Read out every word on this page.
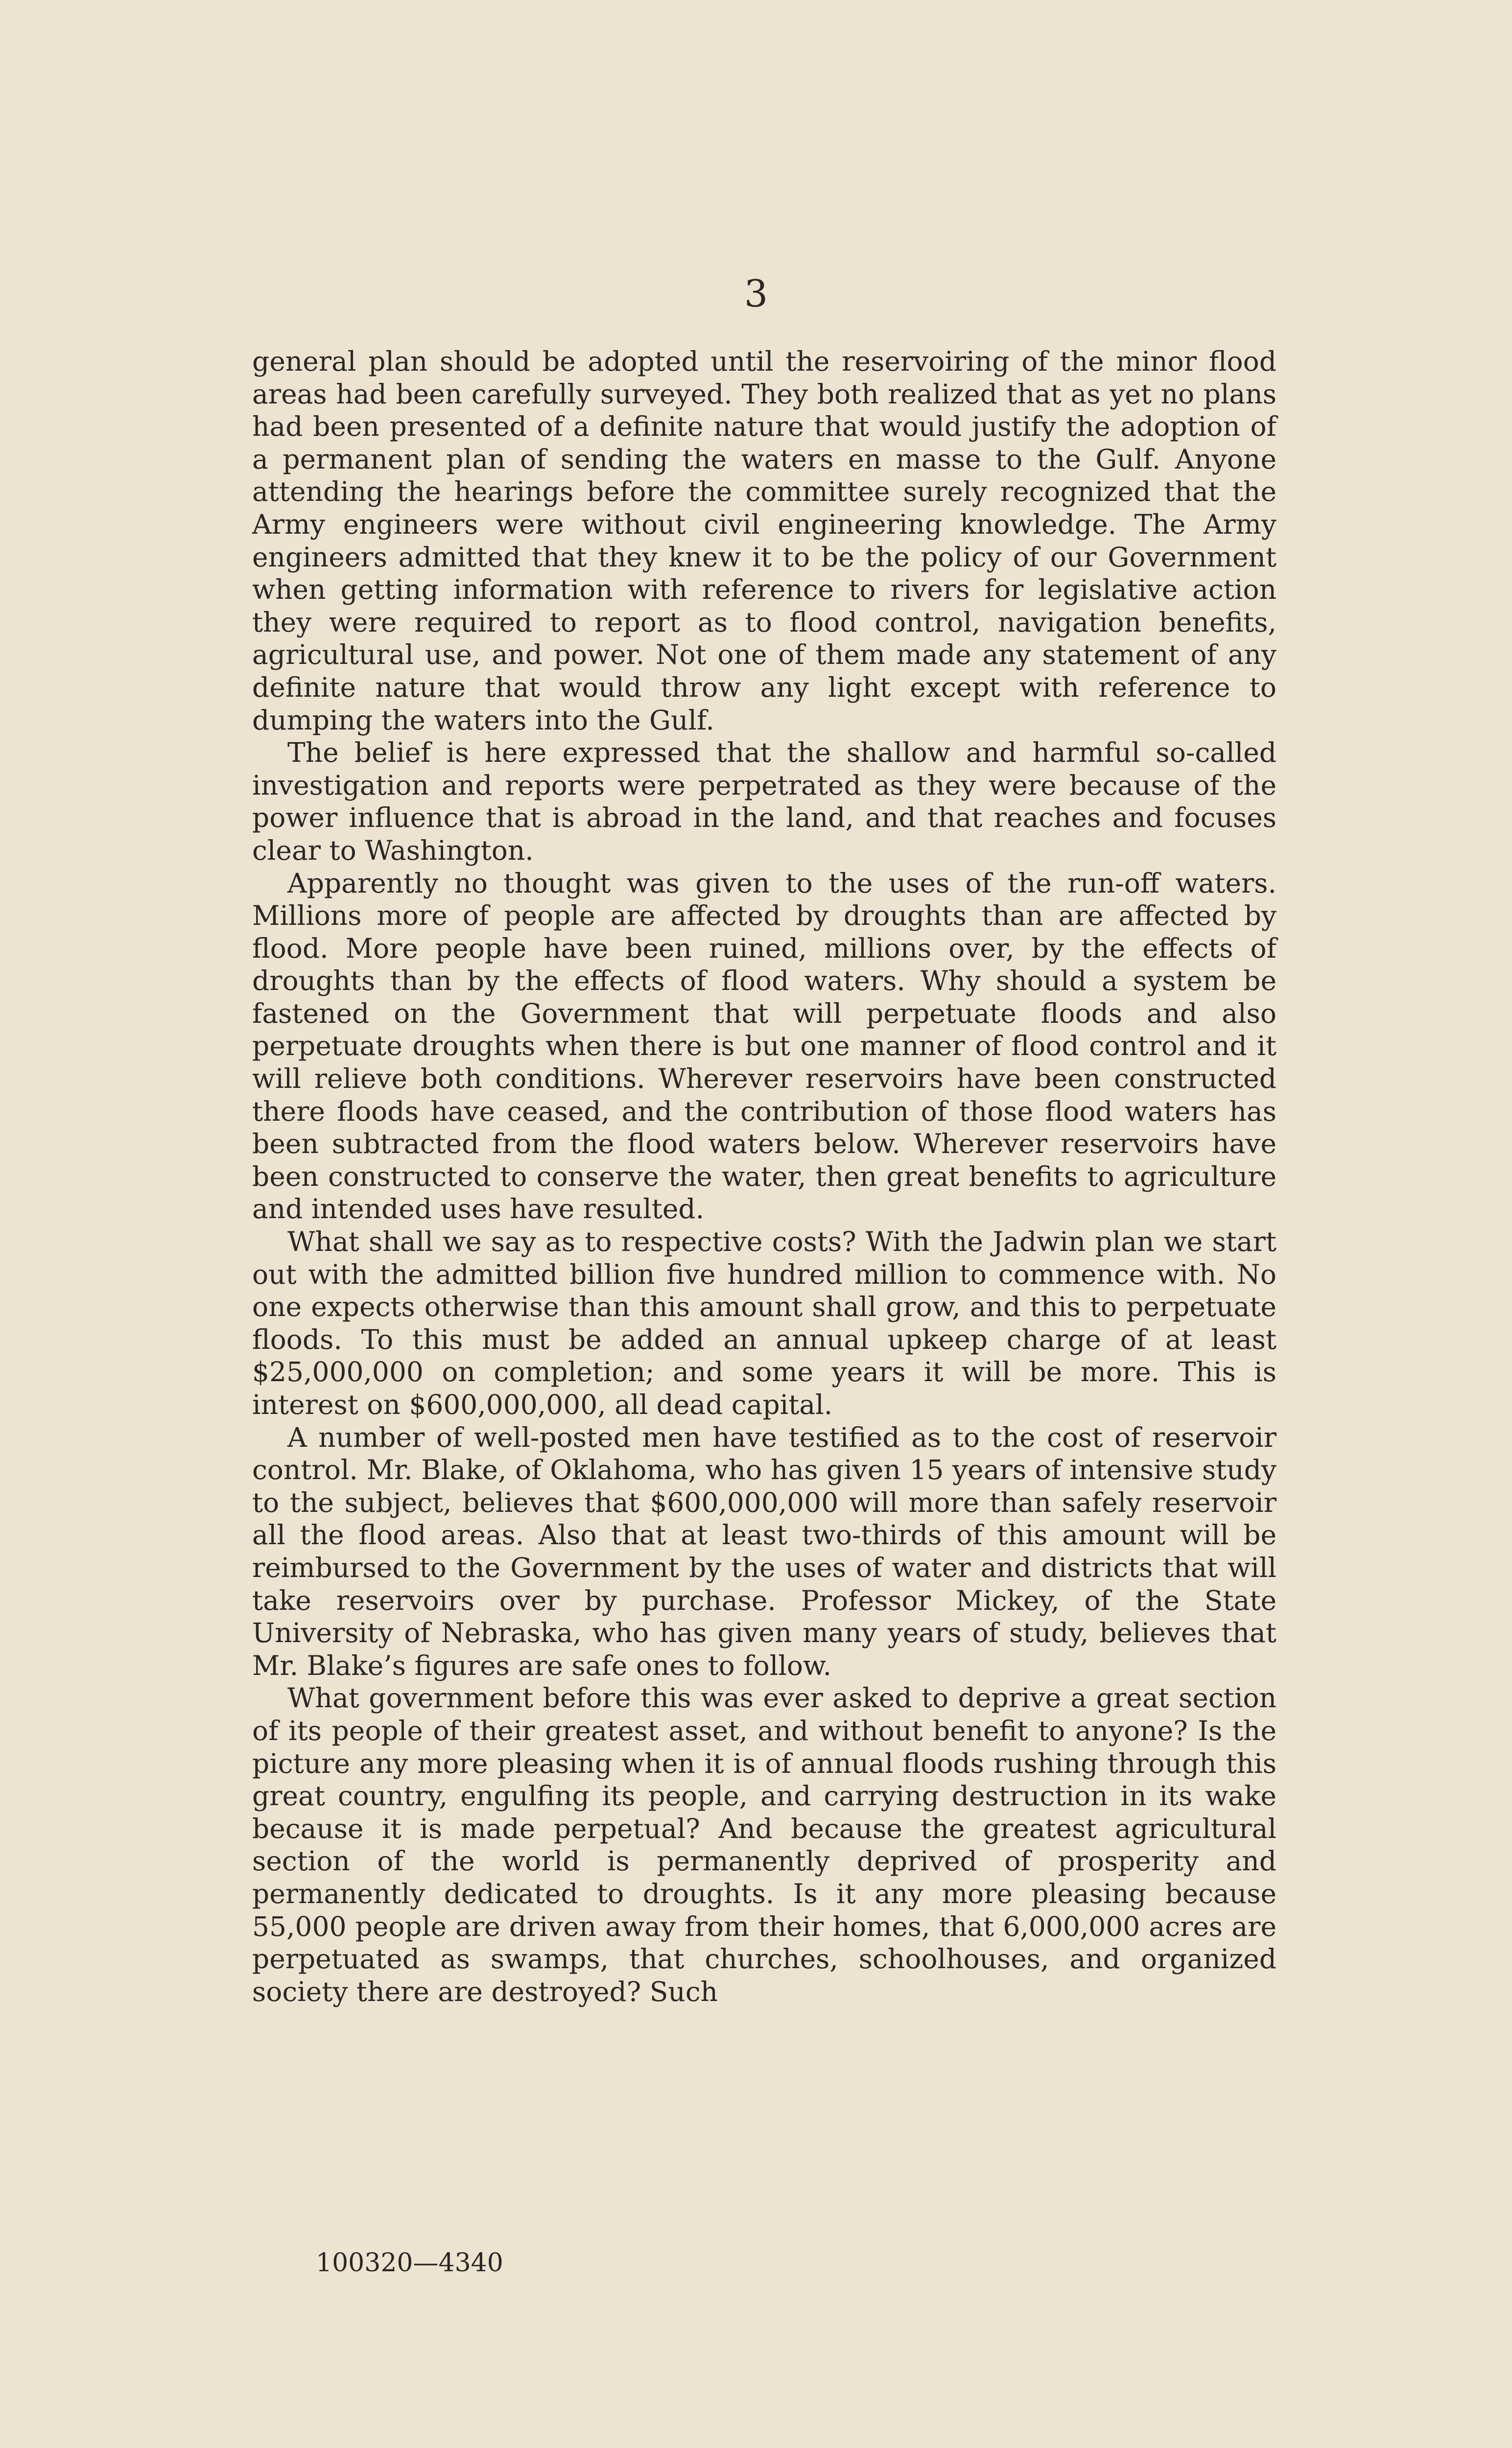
3

general plan should be adopted until the reservoiring of the minor flood areas had been carefully surveyed. They both realized that as yet no plans had been presented of a definite nature that would justify the adoption of a permanent plan of sending the waters en masse to the Gulf. Anyone attending the hearings before the committee surely recognized that the Army engineers were without civil engineering knowledge. The Army engineers admitted that they knew it to be the policy of our Government when getting information with reference to rivers for legislative action they were required to report as to flood control, navigation benefits, agricultural use, and power. Not one of them made any statement of any definite nature that would throw any light except with reference to dumping the waters into the Gulf.

The belief is here expressed that the shallow and harmful so-called investigation and reports were perpetrated as they were because of the power influence that is abroad in the land, and that reaches and focuses clear to Washington.

Apparently no thought was given to the uses of the run-off waters. Millions more of people are affected by droughts than are affected by flood. More people have been ruined, millions over, by the effects of droughts than by the effects of flood waters. Why should a system be fastened on the Government that will perpetuate floods and also perpetuate droughts when there is but one manner of flood control and it will relieve both conditions. Wherever reservoirs have been constructed there floods have ceased, and the contribution of those flood waters has been subtracted from the flood waters below. Wherever reservoirs have been constructed to conserve the water, then great benefits to agriculture and intended uses have resulted.

What shall we say as to respective costs? With the Jadwin plan we start out with the admitted billion five hundred million to commence with. No one expects otherwise than this amount shall grow, and this to perpetuate floods. To this must be added an annual upkeep charge of at least $25,000,000 on completion; and some years it will be more. This is interest on $600,000,000, all dead capital.

A number of well-posted men have testified as to the cost of reservoir control. Mr. Blake, of Oklahoma, who has given 15 years of intensive study to the subject, believes that $600,000,000 will more than safely reservoir all the flood areas. Also that at least two-thirds of this amount will be reimbursed to the Government by the uses of water and districts that will take reservoirs over by purchase. Professor Mickey, of the State University of Nebraska, who has given many years of study, believes that Mr. Blake’s figures are safe ones to follow.

What government before this was ever asked to deprive a great section of its people of their greatest asset, and without benefit to anyone? Is the picture any more pleasing when it is of annual floods rushing through this great country, engulfing its people, and carrying destruction in its wake because it is made perpetual? And because the greatest agricultural section of the world is permanently deprived of prosperity and permanently dedicated to droughts. Is it any more pleasing because 55,000 people are driven away from their homes, that 6,000,000 acres are perpetuated as swamps, that churches, schoolhouses, and organized society there are destroyed? Such

100320—4340
